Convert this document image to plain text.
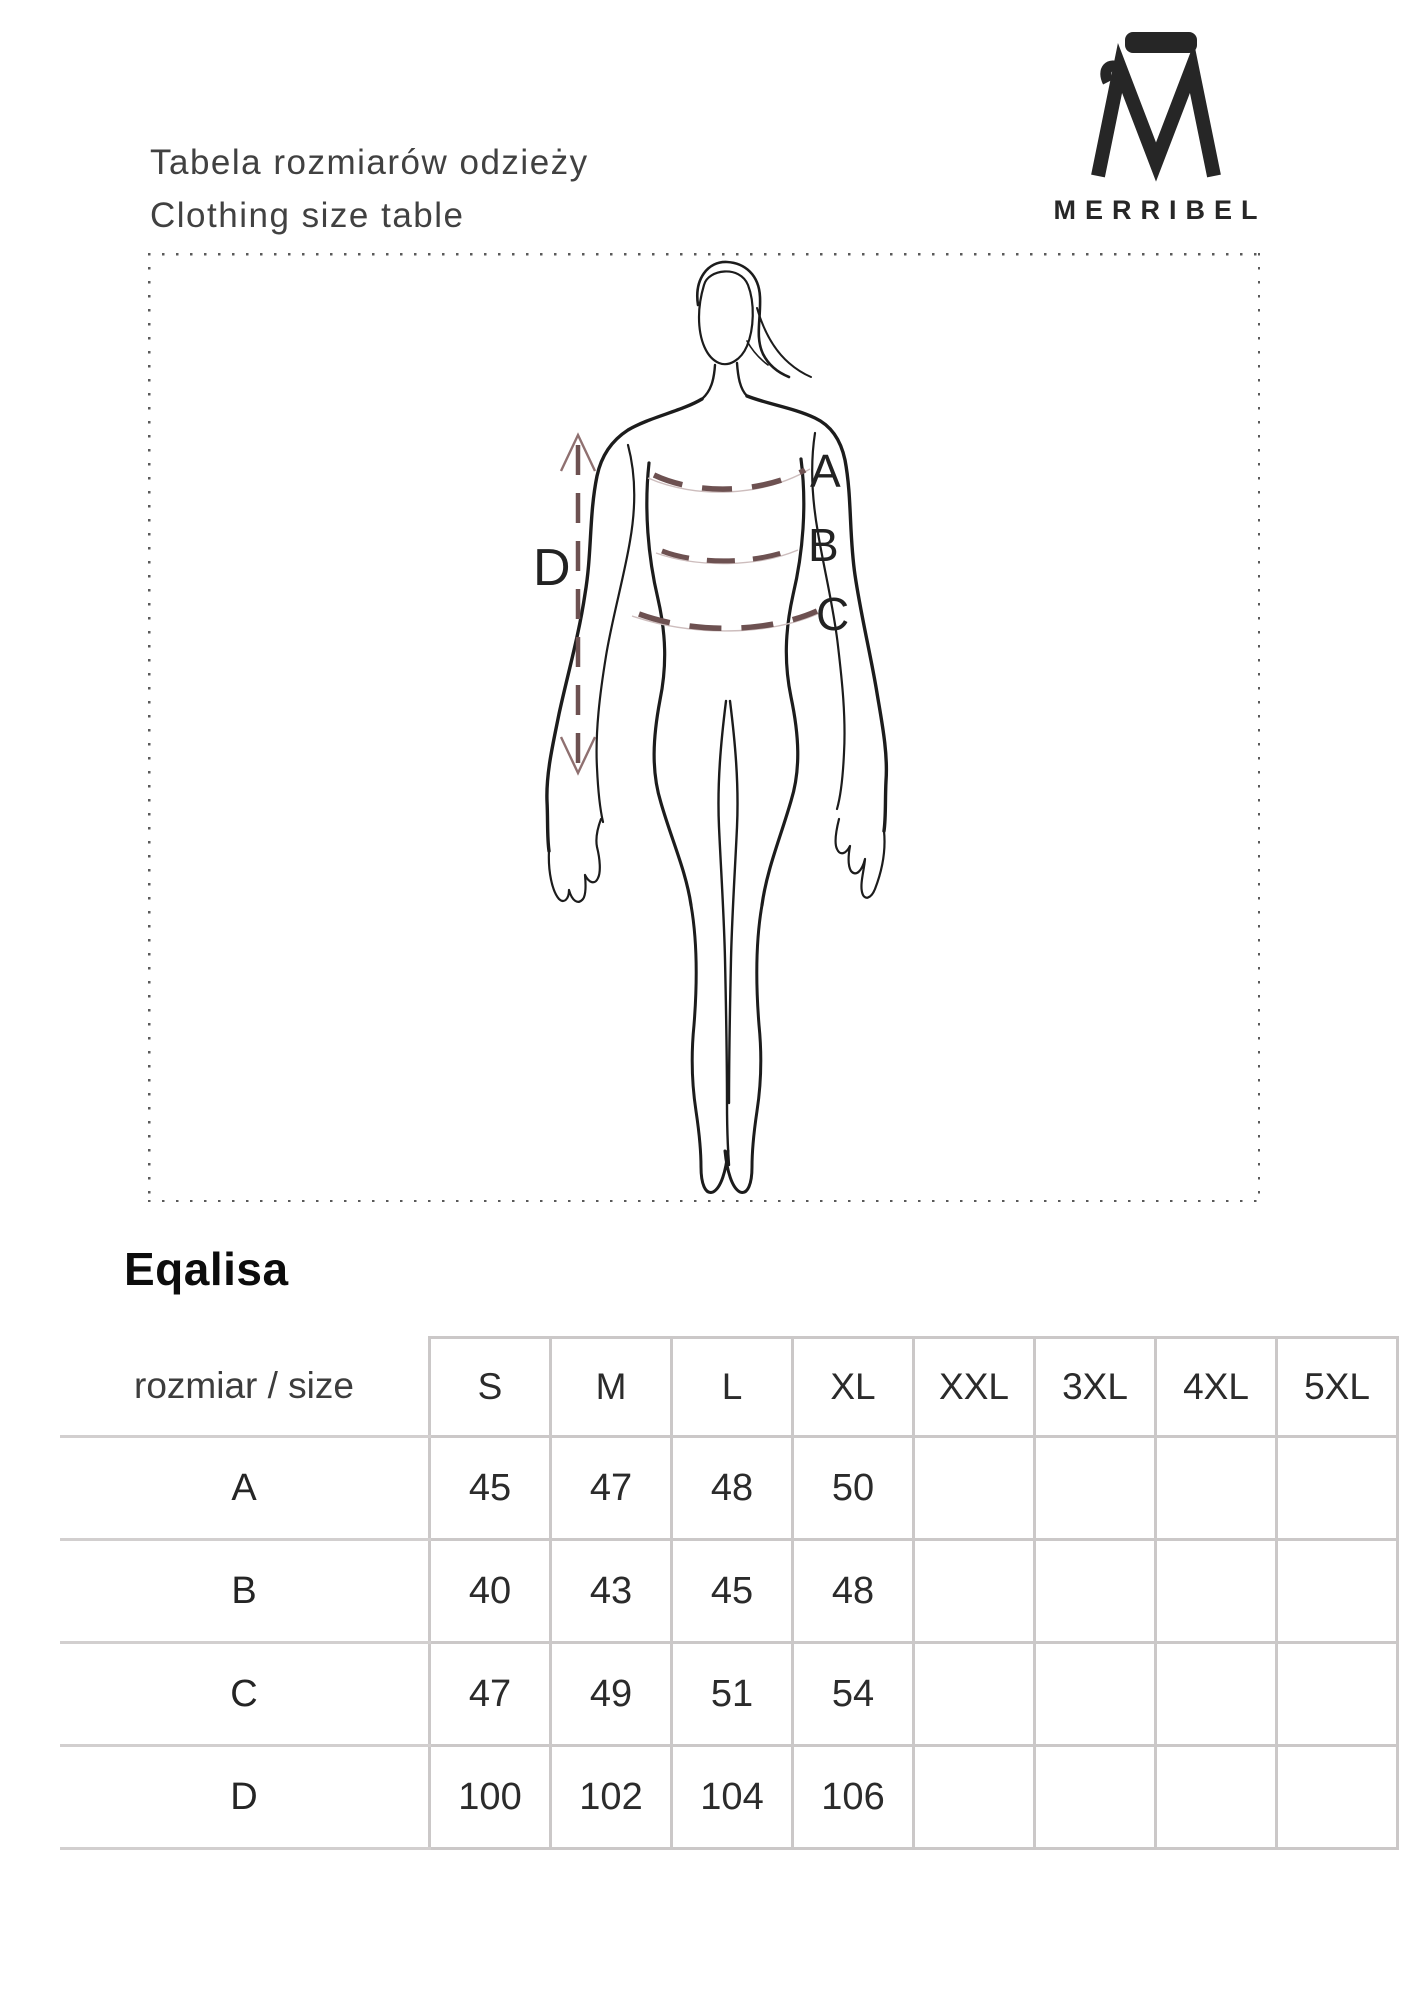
Tabela rozmiarów odzieży
Clothing size table	MERRIBEL
A
B
C
D
Eqalisa
rozmiar / size	S	M	L	XL	XXL	3XL	4XL	5XL
A	45	47	48	50				
B	40	43	45	48				
C	47	49	51	54				
D	100	102	104	106				
